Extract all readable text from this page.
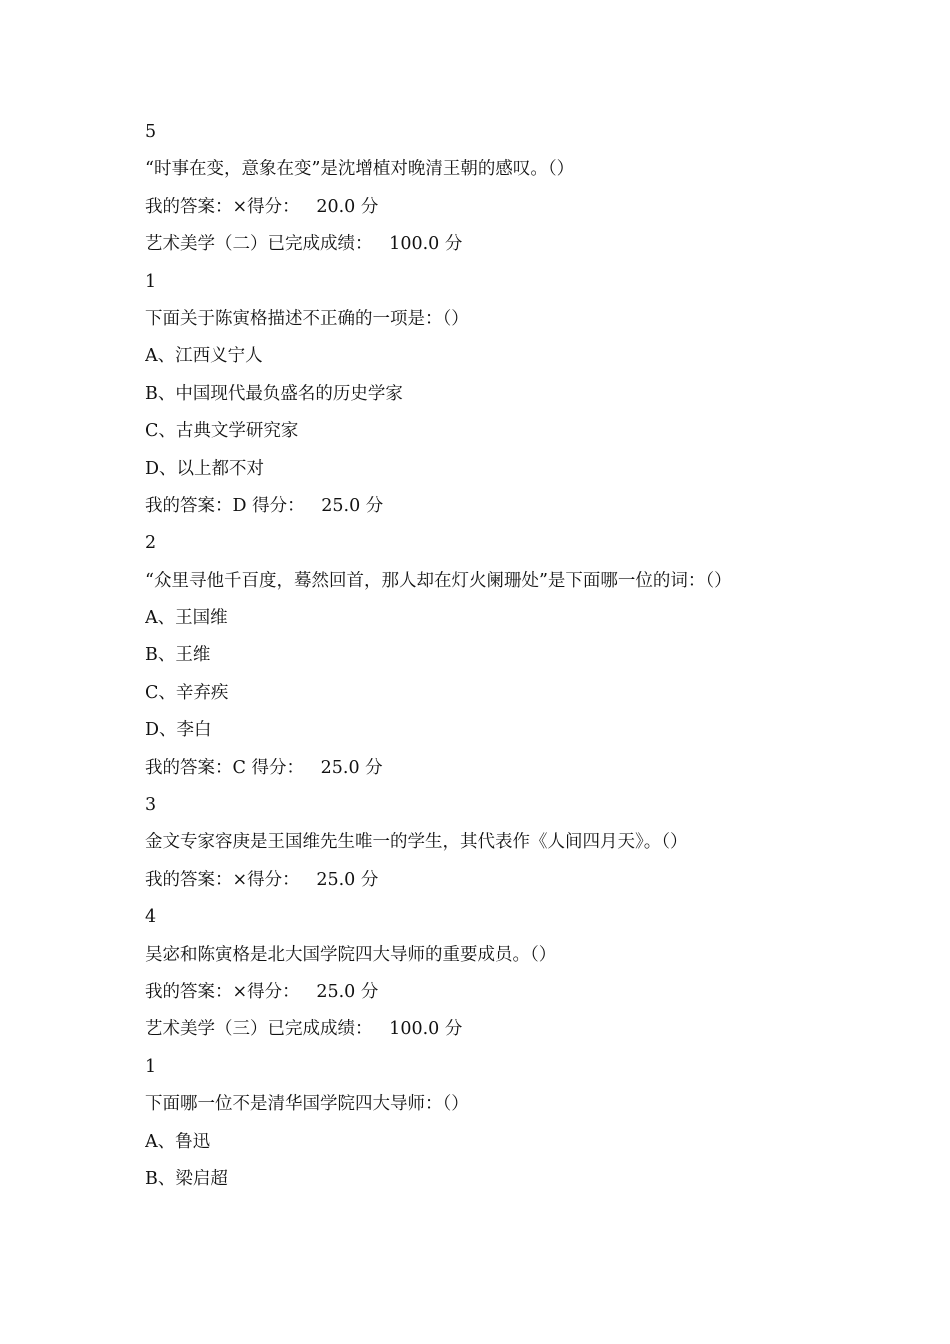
5
“时事在变，意象在变”是沈增植对晚清王朝的感叹。（）
我的答案：×得分：   20.0 分
艺术美学（二）已完成成绩：   100.0 分
1
下面关于陈寅格描述不正确的一项是：（）
A、江西义宁人
B、中国现代最负盛名的历史学家
C、古典文学研究家
D、以上都不对
我的答案：D 得分：   25.0 分
2
“众里寻他千百度，蓦然回首，那人却在灯火阑珊处”是下面哪一位的词：（）
A、王国维
B、王维
C、辛弃疾
D、李白
我的答案：C 得分：   25.0 分
3
金文专家容庚是王国维先生唯一的学生，其代表作《人间四月天》。（）
我的答案：×得分：   25.0 分
4
吴宓和陈寅格是北大国学院四大导师的重要成员。（）
我的答案：×得分：   25.0 分
艺术美学（三）已完成成绩：   100.0 分
1
下面哪一位不是清华国学院四大导师：（）
A、鲁迅
B、梁启超
